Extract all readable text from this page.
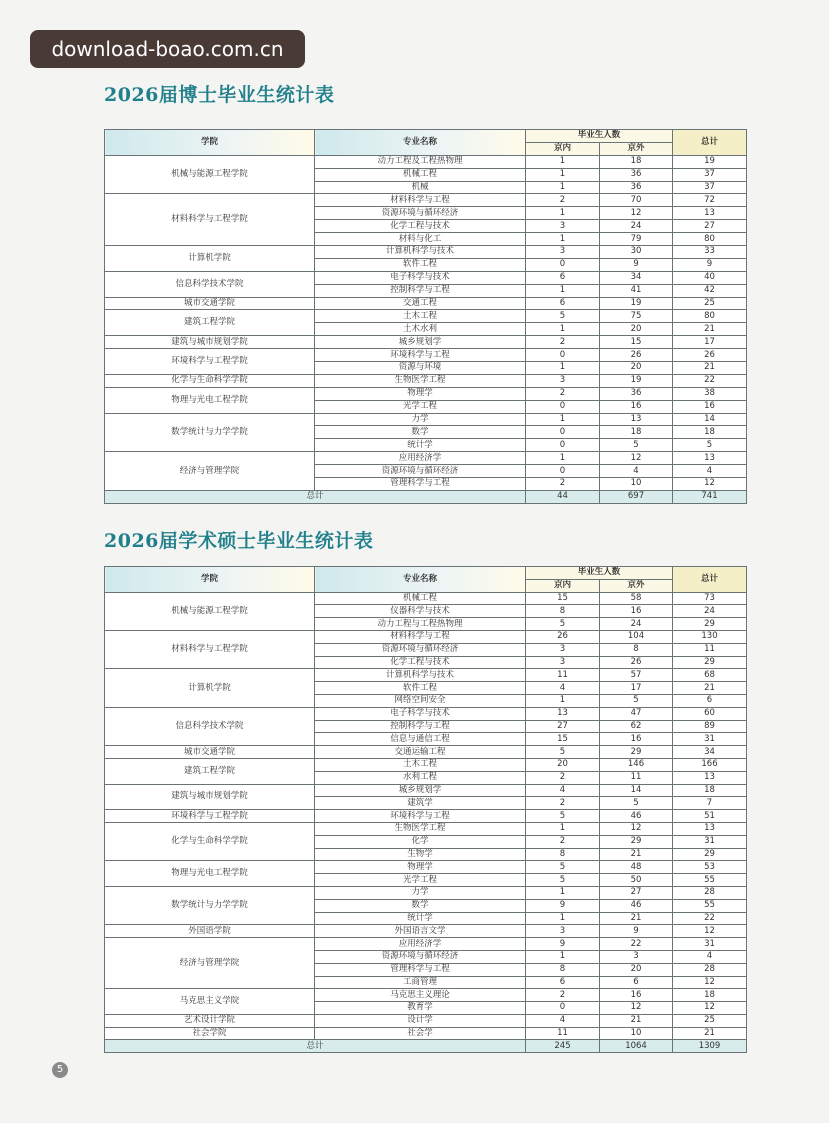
download-boao.com.cn
2026届博士毕业生统计表
学院	专业名称	毕业生人数		总计
		京内	京外	
机械与能源工程学院	动力工程及工程热物理	1	18	19
	机械工程	1	36	37
	机械	1	36	37
材料科学与工程学院	材料科学与工程	2	70	72
	资源环境与循环经济	1	12	13
	化学工程与技术	3	24	27
	材料与化工	1	79	80
计算机学院	计算机科学与技术	3	30	33
	软件工程	0	9	9
信息科学技术学院	电子科学与技术	6	34	40
	控制科学与工程	1	41	42
城市交通学院	交通工程	6	19	25
建筑工程学院	土木工程	5	75	80
	土木水利	1	20	21
建筑与城市规划学院	城乡规划学	2	15	17
环境科学与工程学院	环境科学与工程	0	26	26
	资源与环境	1	20	21
化学与生命科学学院	生物医学工程	3	19	22
物理与光电工程学院	物理学	2	36	38
	光学工程	0	16	16
数学统计与力学学院	力学	1	13	14
	数学	0	18	18
	统计学	0	5	5
经济与管理学院	应用经济学	1	12	13
	资源环境与循环经济	0	4	4
	管理科学与工程	2	10	12
总计		44	697	741
2026届学术硕士毕业生统计表
学院	专业名称	毕业生人数		总计
		京内	京外	
机械与能源工程学院	机械工程	15	58	73
	仪器科学与技术	8	16	24
	动力工程与工程热物理	5	24	29
材料科学与工程学院	材料科学与工程	26	104	130
	资源环境与循环经济	3	8	11
	化学工程与技术	3	26	29
计算机学院	计算机科学与技术	11	57	68
	软件工程	4	17	21
	网络空间安全	1	5	6
信息科学技术学院	电子科学与技术	13	47	60
	控制科学与工程	27	62	89
	信息与通信工程	15	16	31
城市交通学院	交通运输工程	5	29	34
建筑工程学院	土木工程	20	146	166
	水利工程	2	11	13
建筑与城市规划学院	城乡规划学	4	14	18
	建筑学	2	5	7
环境科学与工程学院	环境科学与工程	5	46	51
化学与生命科学学院	生物医学工程	1	12	13
	化学	2	29	31
	生物学	8	21	29
物理与光电工程学院	物理学	5	48	53
	光学工程	5	50	55
数学统计与力学学院	力学	1	27	28
	数学	9	46	55
	统计学	1	21	22
外国语学院	外国语言文学	3	9	12
经济与管理学院	应用经济学	9	22	31
	资源环境与循环经济	1	3	4
	管理科学与工程	8	20	28
	工商管理	6	6	12
马克思主义学院	马克思主义理论	2	16	18
	教育学	0	12	12
艺术设计学院	设计学	4	21	25
社会学院	社会学	11	10	21
总计		245	1064	1309
5
